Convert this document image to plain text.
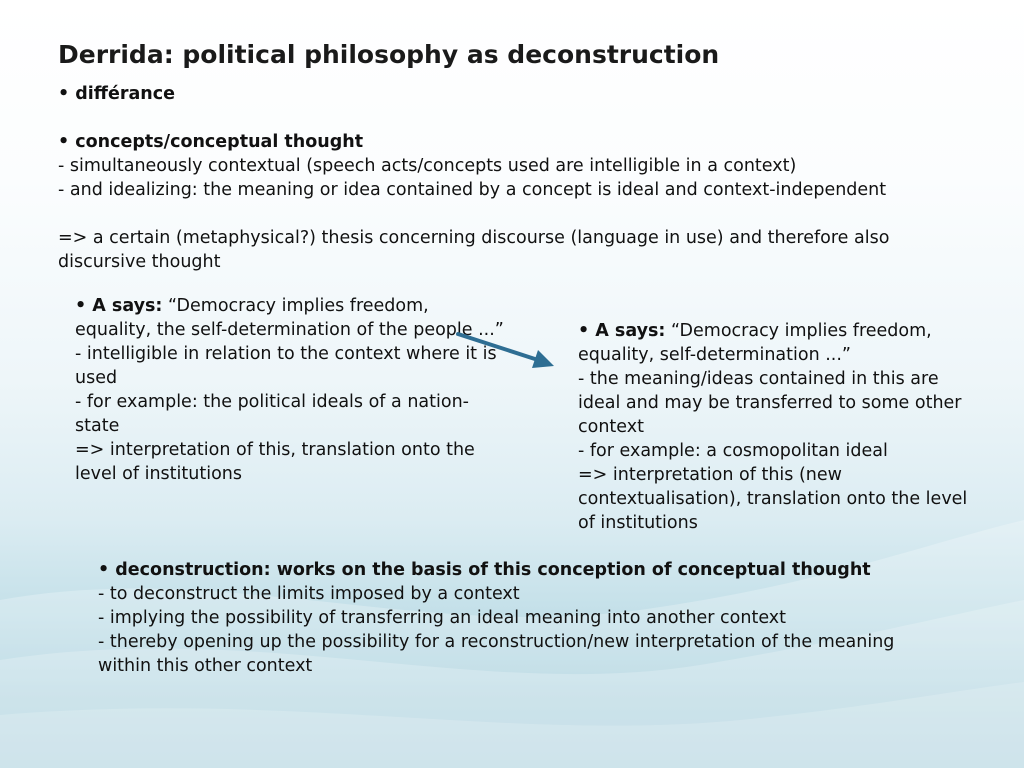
Derrida: political philosophy as deconstruction
• différance
• concepts/conceptual thought
- simultaneously contextual (speech acts/concepts used are intelligible in a context)
- and idealizing: the meaning or idea contained by a concept is ideal and context-independent
=> a certain (metaphysical?) thesis concerning discourse (language in use) and therefore also discursive thought
• A says: “Democracy implies freedom, equality, the self-determination of the people ...”
- intelligible in relation to the context where it is used
- for example: the political ideals of a nation-state
=> interpretation of this, translation onto the level of institutions
• A says: “Democracy implies freedom, equality, self-determination ...”
- the meaning/ideas contained in this are ideal and may be transferred to some other context
- for example: a cosmopolitan ideal
=> interpretation of this (new contextualisation), translation onto the level of institutions
• deconstruction: works on the basis of this conception of conceptual thought
- to deconstruct the limits imposed by a context
- implying the possibility of transferring an ideal meaning into another context
- thereby opening up the possibility for a reconstruction/new interpretation of the meaning within this other context
